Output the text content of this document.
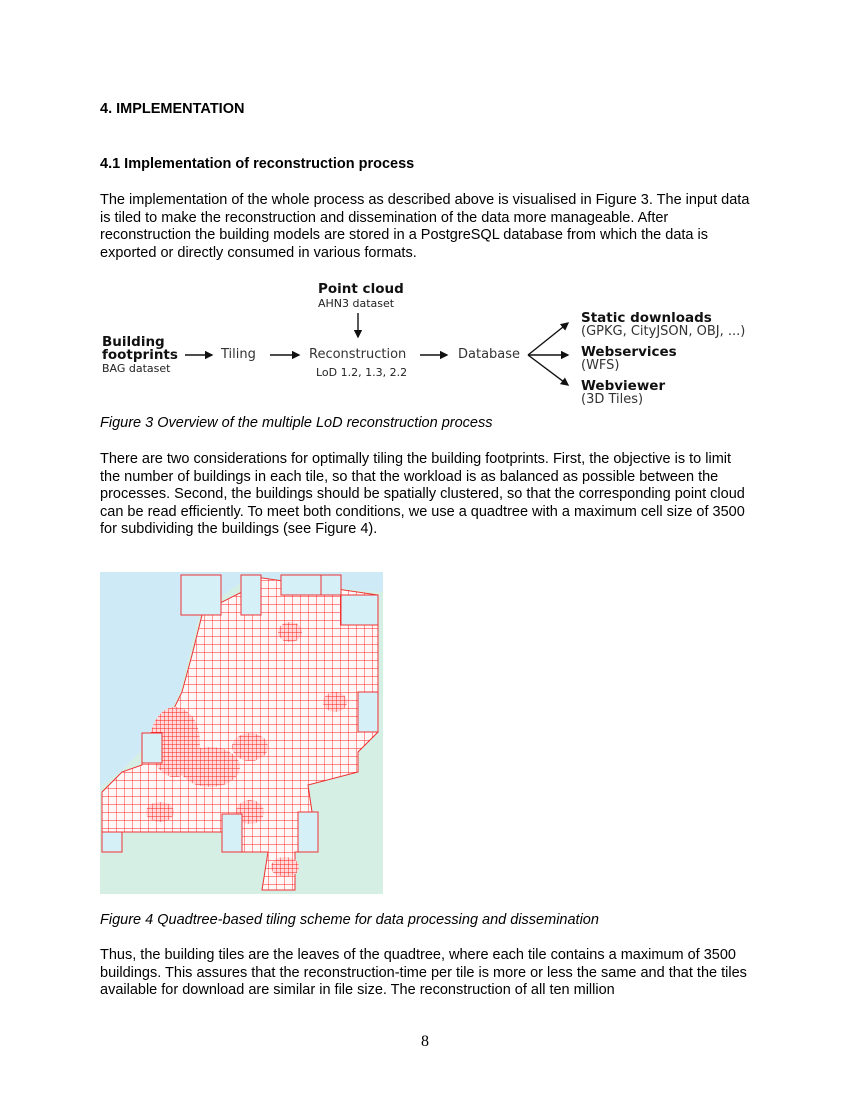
4. IMPLEMENTATION
4.1 Implementation of reconstruction process
The implementation of the whole process as described above is visualised in Figure 3. The input data is tiled to make the reconstruction and dissemination of the data more manageable. After reconstruction the building models are stored in a PostgreSQL database from which the data is exported or directly consumed in various formats.
Point cloud
AHN3 dataset
Building
footprints
BAG dataset
Tiling	Reconstruction
LoD 1.2, 1.3, 2.2
Database
Static downloads
(GPKG, CityJSON, OBJ, ...)
Webservices
(WFS)
Webviewer
(3D Tiles)
Figure 3 Overview of the multiple LoD reconstruction process
There are two considerations for optimally tiling the building footprints. First, the objective is to limit the number of buildings in each tile, so that the workload is as balanced as possible between the processes. Second, the buildings should be spatially clustered, so that the corresponding point cloud can be read efficiently. To meet both conditions, we use a quadtree with a maximum cell size of 3500 for subdividing the buildings (see Figure 4).
Figure 4 Quadtree-based tiling scheme for data processing and dissemination
Thus, the building tiles are the leaves of the quadtree, where each tile contains a maximum of 3500 buildings. This assures that the reconstruction-time per tile is more or less the same and that the tiles available for download are similar in file size. The reconstruction of all ten million
8
